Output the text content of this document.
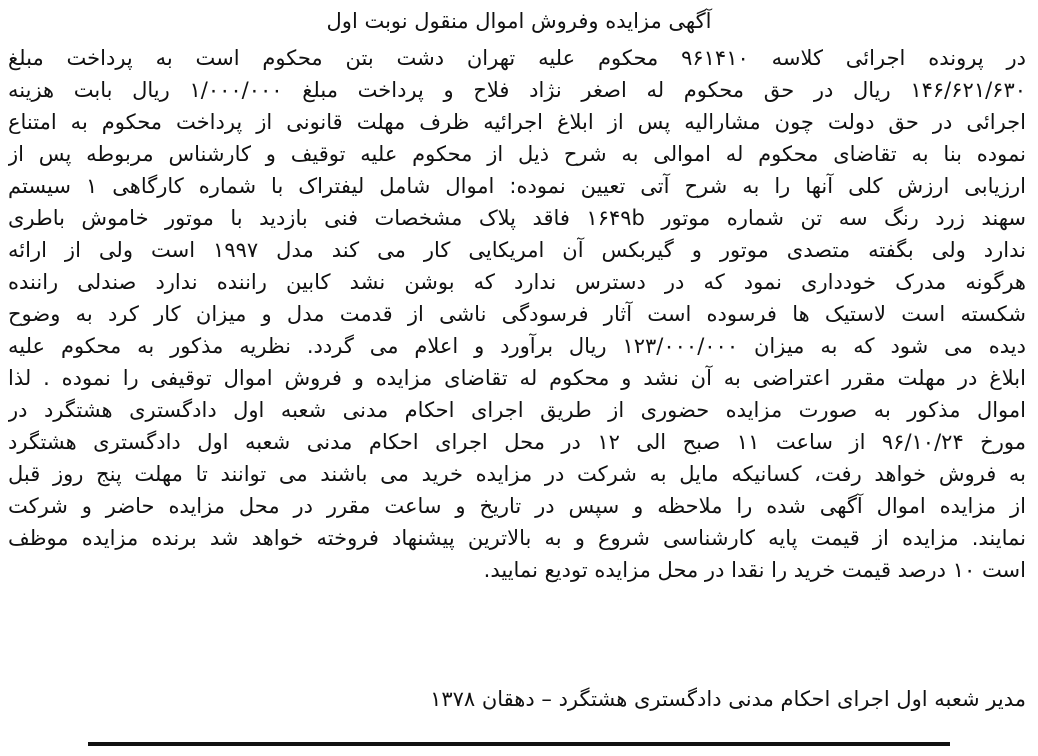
آگهی مزایده وفروش اموال منقول نوبت اول
در پرونده اجرائی کلاسه ۹۶۱۴۱۰ محکوم علیه تهران دشت بتن محکوم است به پرداخت مبلغ
۱۴۶/۶۲۱/۶۳۰ ریال در حق محکوم له اصغر نژاد فلاح و پرداخت مبلغ ۱/۰۰۰/۰۰۰ ریال بابت هزینه
اجرائی در حق دولت چون مشارالیه پس از ابلاغ اجرائیه ظرف مهلت قانونی از پرداخت محکوم به امتناع
نموده بنا به تقاضای محکوم له اموالی به شرح ذیل از محکوم علیه توقیف و کارشناس مربوطه پس از
ارزیابی ارزش کلی آنها را به شرح آتی تعیین نموده: اموال شامل لیفتراک با شماره کارگاهی ۱ سیستم
سهند زرد رنگ سه تن شماره موتور ۱۶۴۹b فاقد پلاک مشخصات فنی بازدید با موتور خاموش باطری
ندارد ولی بگفته متصدی موتور و گیربکس آن امریکایی کار می کند مدل ۱۹۹۷ است ولی از ارائه
هرگونه مدرک خودداری نمود که در دسترس ندارد که بوشن نشد کابین راننده ندارد صندلی راننده
شکسته است لاستیک ها فرسوده است آثار فرسودگی ناشی از قدمت مدل و میزان کار کرد به وضوح
دیده می شود که به میزان ۱۲۳/۰۰۰/۰۰۰ ریال برآورد و اعلام می گردد. نظریه مذکور به محکوم علیه
ابلاغ در مهلت مقرر اعتراضی به آن نشد و محکوم له تقاضای مزایده و فروش اموال توقیفی را نموده . لذا
اموال مذکور به صورت مزایده حضوری از طریق اجرای احکام مدنی شعبه اول دادگستری هشتگرد در
مورخ ۹۶/۱۰/۲۴ از ساعت ۱۱ صبح الی ۱۲ در محل اجرای احکام مدنی شعبه اول دادگستری هشتگرد
به فروش خواهد رفت، کسانیکه مایل به شرکت در مزایده خرید می باشند می توانند تا مهلت پنج روز قبل
از مزایده اموال آگهی شده را ملاحظه و سپس در تاریخ و ساعت مقرر در محل مزایده حاضر و شرکت
نمایند. مزایده از قیمت پایه کارشناسی شروع و به بالاترین پیشنهاد فروخته خواهد شد برنده مزایده موظف
است ۱۰ درصد قیمت خرید را نقدا در محل مزایده تودیع نمایید.
مدیر شعبه اول اجرای احکام مدنی دادگستری هشتگرد – دهقان ۱۳۷۸
